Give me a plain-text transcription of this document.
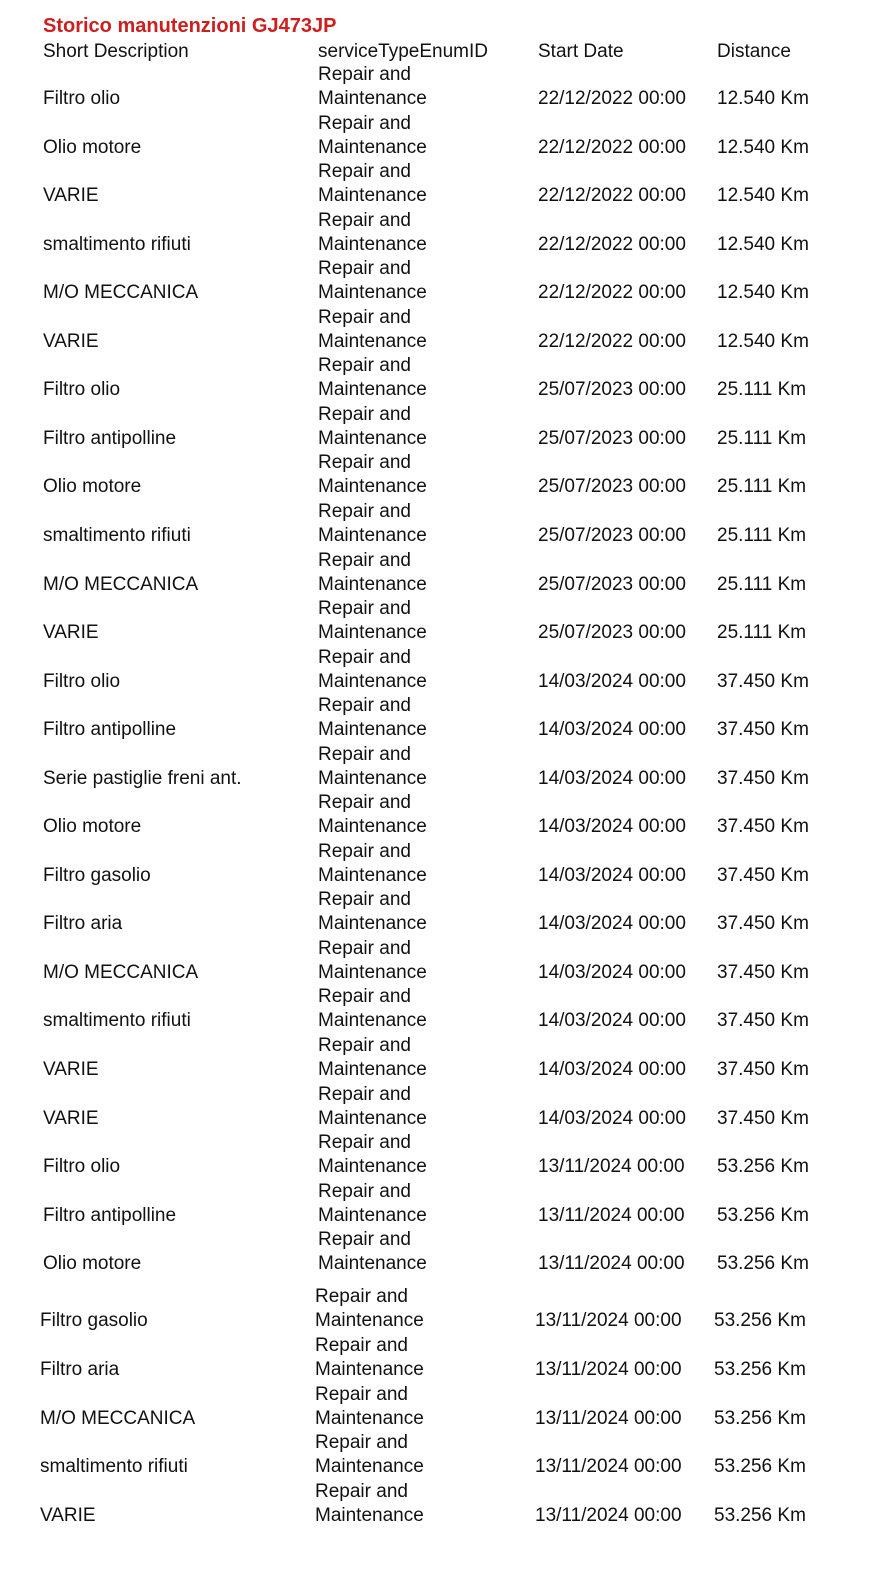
Storico manutenzioni GJ473JP
Short Description	serviceTypeEnumID	Start Date	Distance
Repair and
Filtro olio	Maintenance	22/12/2022 00:00 12.540 Km
Repair and
Olio motore	Maintenance	22/12/2022 00:00 12.540 Km
Repair and
VARIE	Maintenance	22/12/2022 00:00 12.540 Km
Repair and
smaltimento rifiuti	Maintenance	22/12/2022 00:00 12.540 Km
Repair and
M/O MECCANICA	Maintenance	22/12/2022 00:00 12.540 Km
Repair and
VARIE	Maintenance	22/12/2022 00:00 12.540 Km
Repair and
Filtro olio	Maintenance	25/07/2023 00:00 25.111 Km
Repair and
Filtro antipolline	Maintenance	25/07/2023 00:00 25.111 Km
Repair and
Olio motore	Maintenance	25/07/2023 00:00 25.111 Km
Repair and
smaltimento rifiuti	Maintenance	25/07/2023 00:00 25.111 Km
Repair and
M/O MECCANICA	Maintenance	25/07/2023 00:00 25.111 Km
Repair and
VARIE	Maintenance	25/07/2023 00:00 25.111 Km
Repair and
Filtro olio	Maintenance	14/03/2024 00:00 37.450 Km
Repair and
Filtro antipolline	Maintenance	14/03/2024 00:00 37.450 Km
Repair and
Serie pastiglie freni ant.	Maintenance	14/03/2024 00:00 37.450 Km
Repair and
Olio motore	Maintenance	14/03/2024 00:00 37.450 Km
Repair and
Filtro gasolio	Maintenance	14/03/2024 00:00 37.450 Km
Repair and
Filtro aria	Maintenance	14/03/2024 00:00 37.450 Km
Repair and
M/O MECCANICA	Maintenance	14/03/2024 00:00 37.450 Km
Repair and
smaltimento rifiuti	Maintenance	14/03/2024 00:00 37.450 Km
Repair and
VARIE	Maintenance	14/03/2024 00:00 37.450 Km
Repair and
VARIE	Maintenance	14/03/2024 00:00 37.450 Km
Repair and
Filtro olio	Maintenance	13/11/2024 00:00 53.256 Km
Repair and
Filtro antipolline	Maintenance	13/11/2024 00:00 53.256 Km
Repair and
Olio motore	Maintenance	13/11/2024 00:00 53.256 Km
Repair and
Filtro gasolio	Maintenance	13/11/2024 00:00 53.256 Km
Repair and
Filtro aria	Maintenance	13/11/2024 00:00 53.256 Km
Repair and
M/O MECCANICA	Maintenance	13/11/2024 00:00 53.256 Km
Repair and
smaltimento rifiuti	Maintenance	13/11/2024 00:00 53.256 Km
Repair and
VARIE	Maintenance	13/11/2024 00:00 53.256 Km
